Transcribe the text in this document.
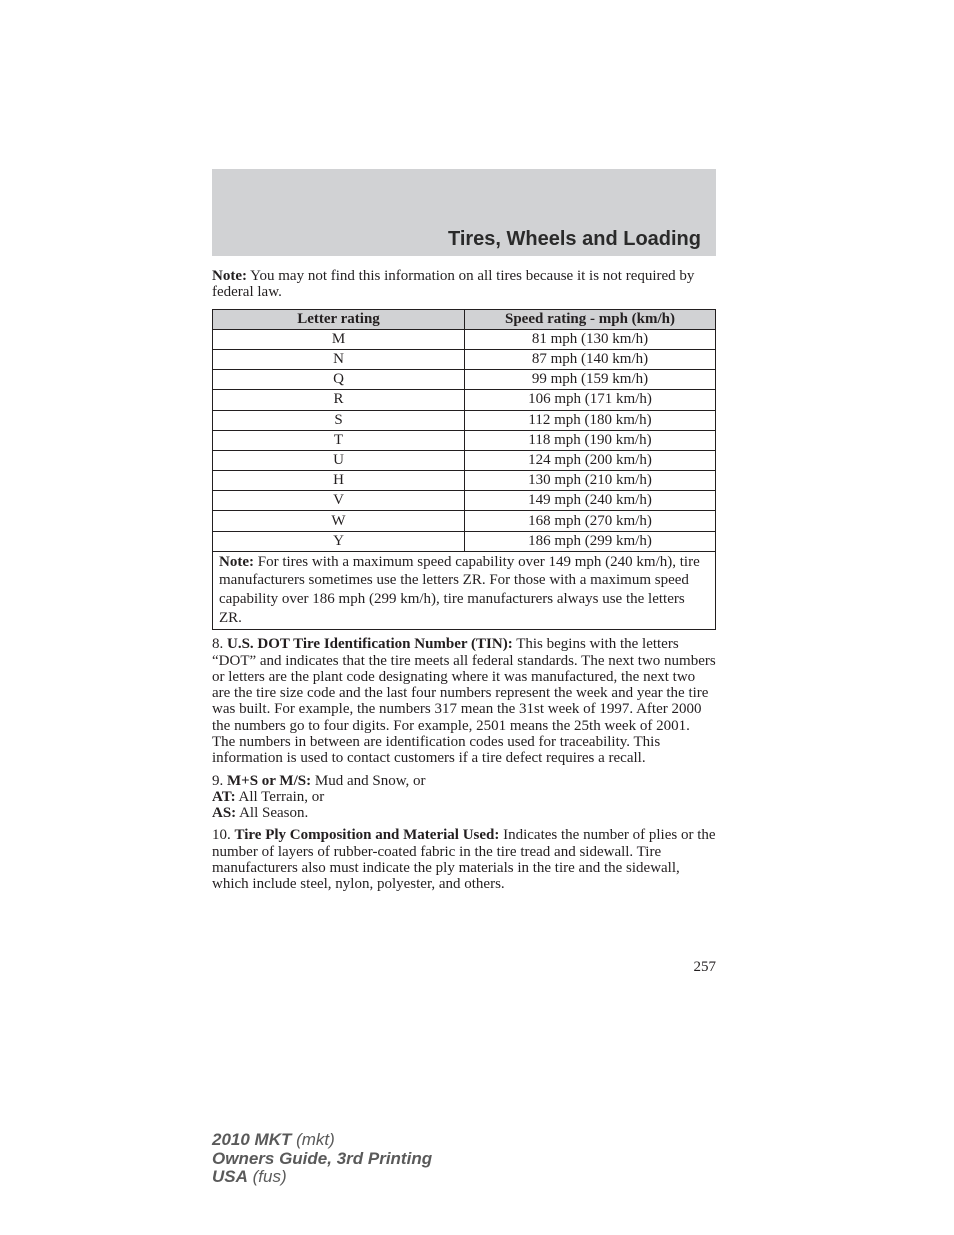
Tires, Wheels and Loading

Note: You may not find this information on all tires because it is not required by federal law.

Letter rating	Speed rating - mph (km/h)
M	81 mph (130 km/h)
N	87 mph (140 km/h)
Q	99 mph (159 km/h)
R	106 mph (171 km/h)
S	112 mph (180 km/h)
T	118 mph (190 km/h)
U	124 mph (200 km/h)
H	130 mph (210 km/h)
V	149 mph (240 km/h)
W	168 mph (270 km/h)
Y	186 mph (299 km/h)
Note: For tires with a maximum speed capability over 149 mph (240 km/h), tire manufacturers sometimes use the letters ZR. For those with a maximum speed capability over 186 mph (299 km/h), tire manufacturers always use the letters ZR.	

8. U.S. DOT Tire Identification Number (TIN): This begins with the letters “DOT” and indicates that the tire meets all federal standards. The next two numbers or letters are the plant code designating where it was manufactured, the next two are the tire size code and the last four numbers represent the week and year the tire was built. For example, the numbers 317 mean the 31st week of 1997. After 2000 the numbers go to four digits. For example, 2501 means the 25th week of 2001. The numbers in between are identification codes used for traceability. This information is used to contact customers if a tire defect requires a recall.

9. M+S or M/S: Mud and Snow, or
AT: All Terrain, or
AS: All Season.

10. Tire Ply Composition and Material Used: Indicates the number of plies or the number of layers of rubber-coated fabric in the tire tread and sidewall. Tire manufacturers also must indicate the ply materials in the tire and the sidewall, which include steel, nylon, polyester, and others.

257
2010 MKT (mkt)
Owners Guide, 3rd Printing
USA (fus)
